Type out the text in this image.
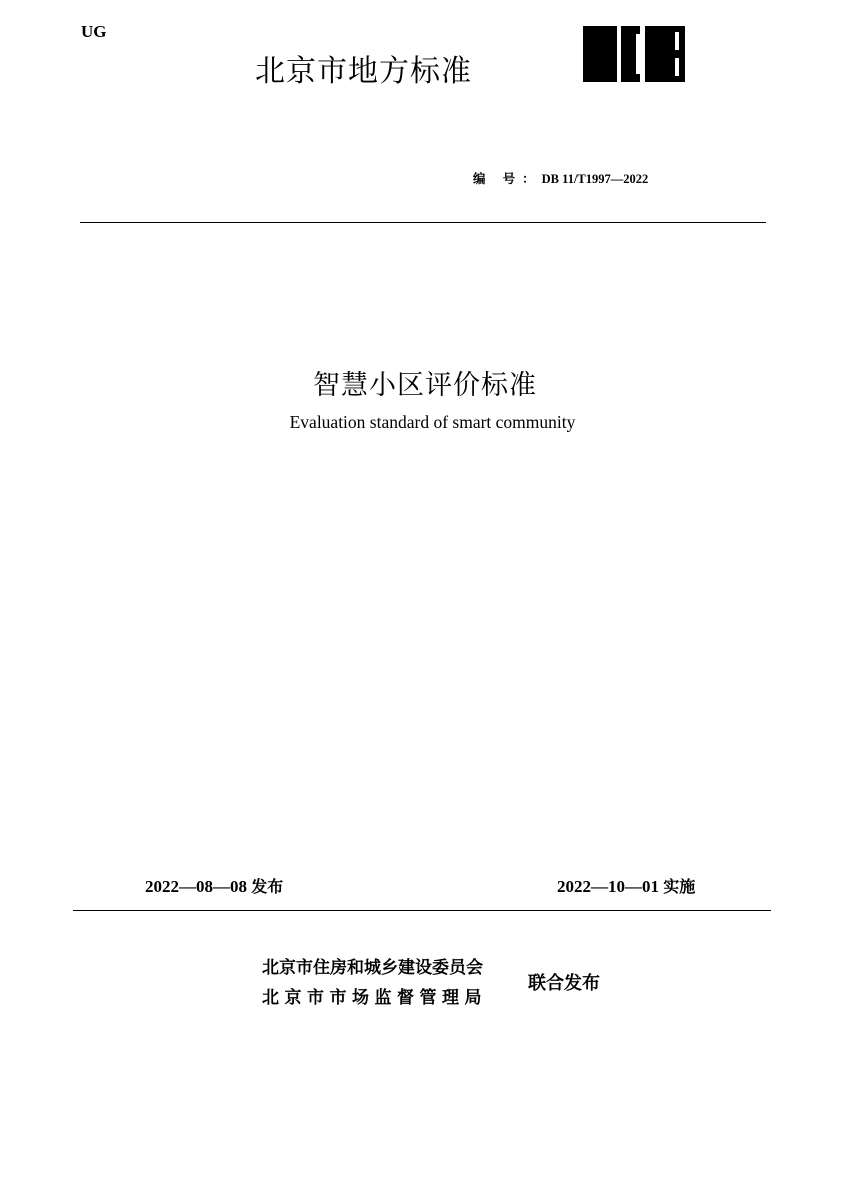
UG
北京市地方标准
编 号：DB 11/T1997—2022
智慧小区评价标准
Evaluation standard of smart community
2022—08—08 发布	2022—10—01 实施
北京市住房和城乡建设委员会
北京市市场监督管理局
联合发布
